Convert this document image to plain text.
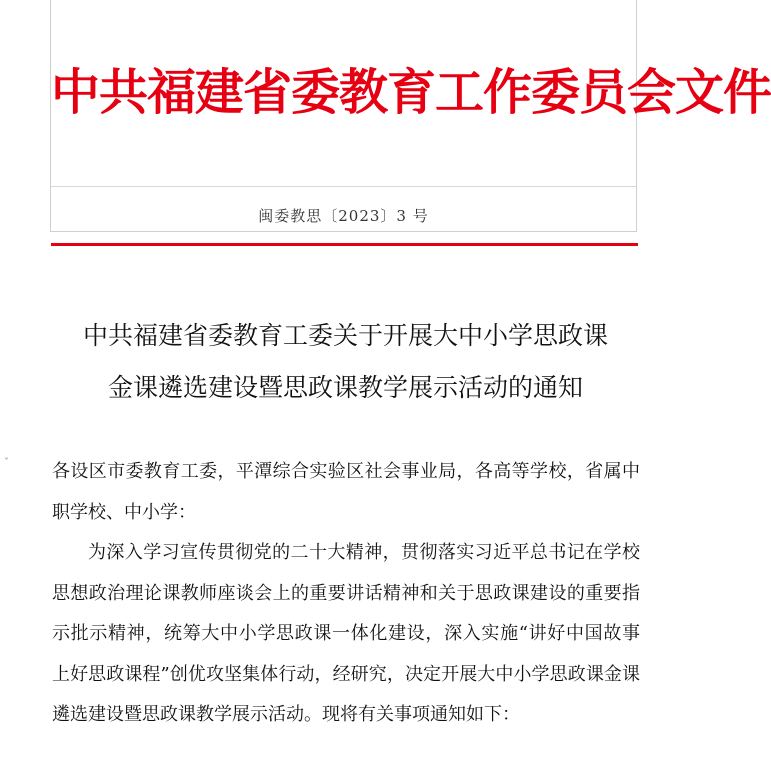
中共福建省委教育工作委员会文件
闽委教思〔2023〕3 号
中共福建省委教育工委关于开展大中小学思政课
金课遴选建设暨思政课教学展示活动的通知
ˇ 各设区市委教育工委，平潭综合实验区社会事业局，各高等学校，省属中职学校、中小学：

为深入学习宣传贯彻党的二十大精神，贯彻落实习近平总书记在学校思想政治理论课教师座谈会上的重要讲话精神和关于思政课建设的重要指示批示精神，统筹大中小学思政课一体化建设，深入实施“讲好中国故事 上好思政课程”创优攻坚集体行动，经研究，决定开展大中小学思政课金课遴选建设暨思政课教学展示活动。现将有关事项通知如下：
